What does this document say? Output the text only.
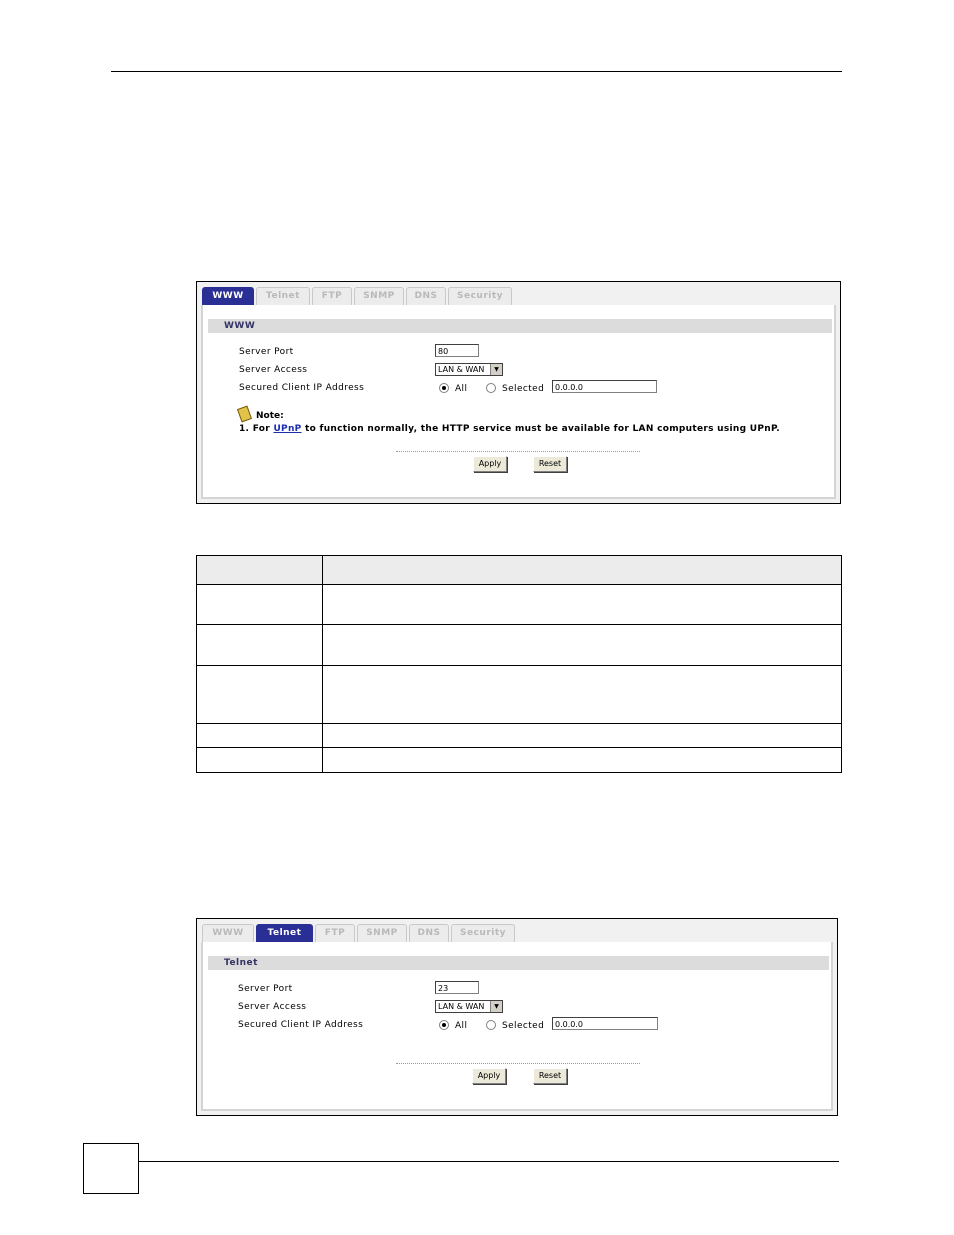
WWW	Telnet	FTP	SNMP	DNS	Security
WWW
Server Port	80
Server Access	LAN & WAN	▼
Secured Client IP Address	All	Selected	0.0.0.0
Note:
1. For UPnP to function normally, the HTTP service must be available for LAN computers using UPnP.
Apply	Reset

WWW	Telnet	FTP	SNMP	DNS	Security
Telnet
Server Port	23
Server Access	LAN & WAN	▼
Secured Client IP Address	All	Selected	0.0.0.0
Apply	Reset
